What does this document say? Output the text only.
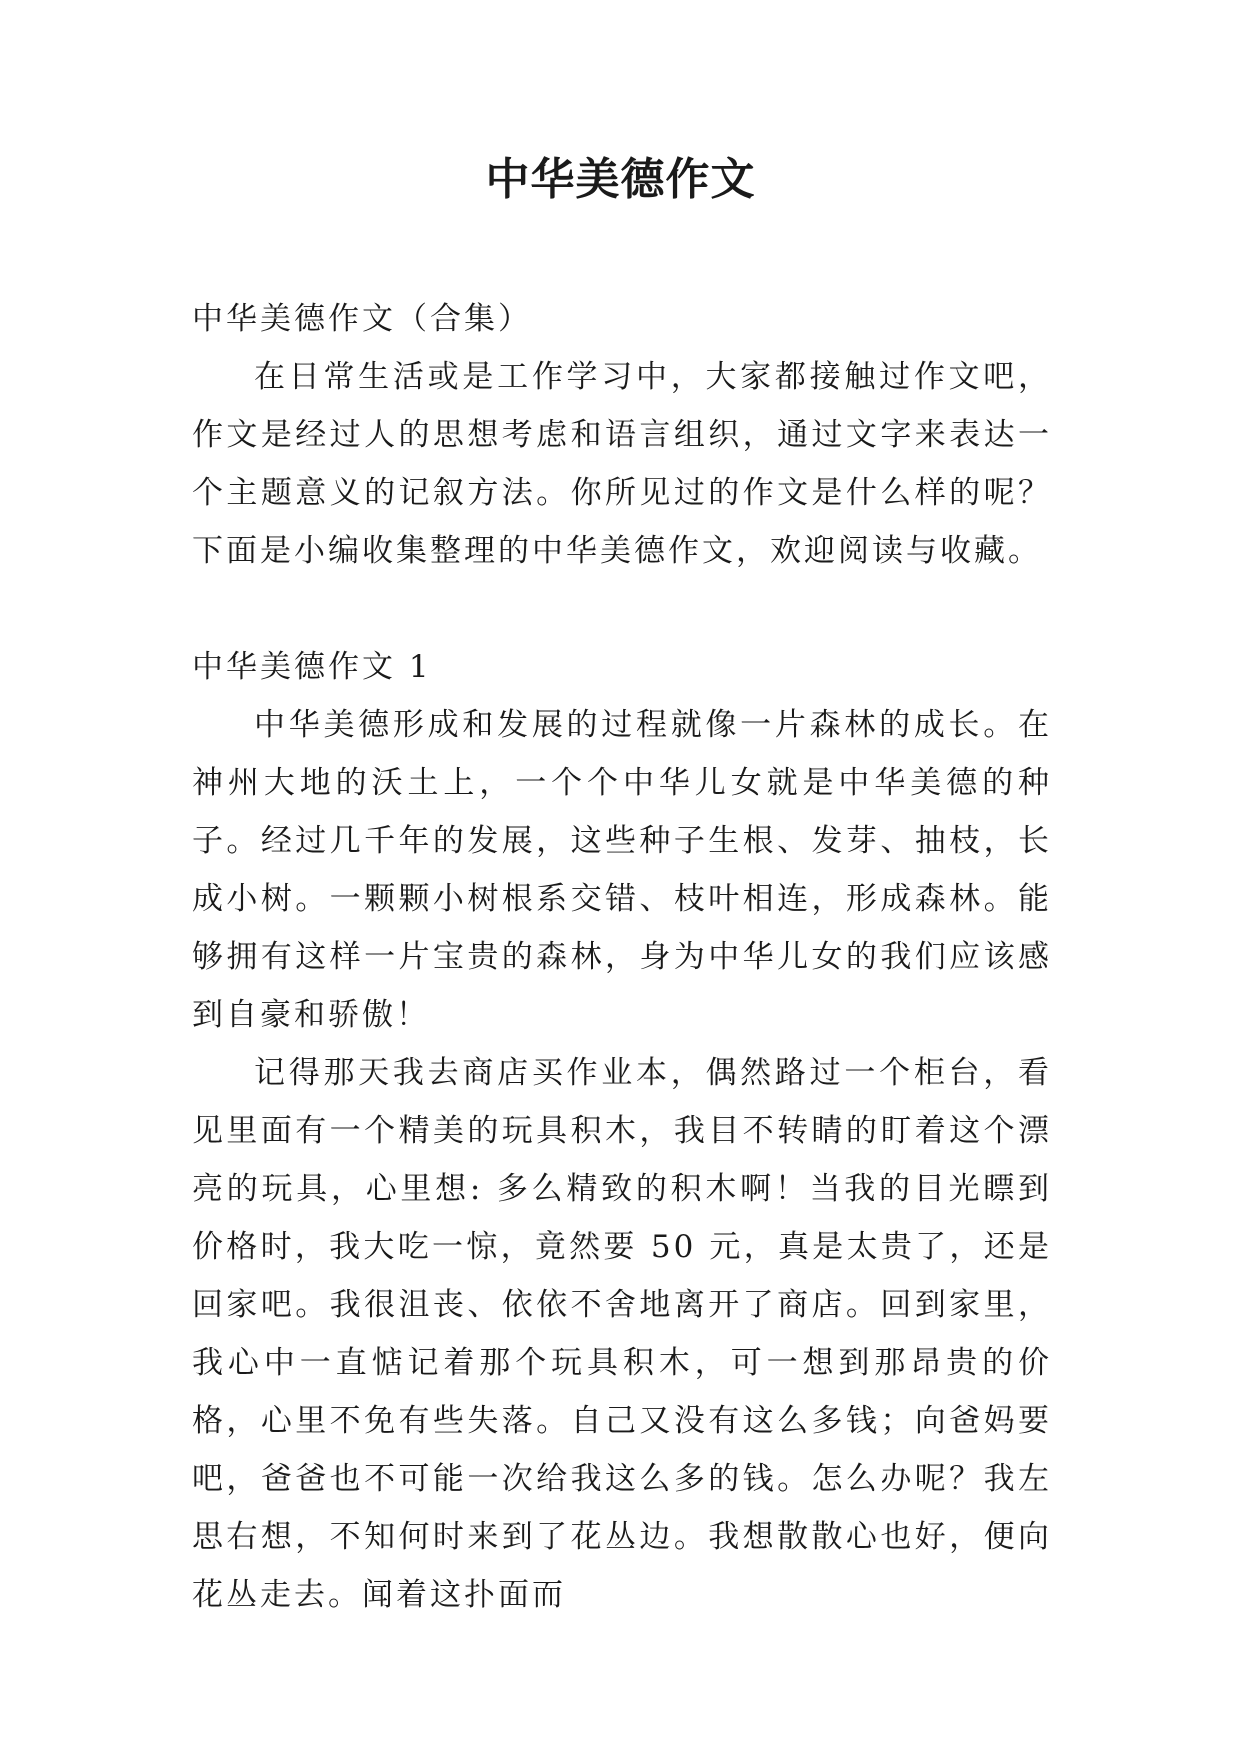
中华美德作文

中华美德作文（合集）

在日常生活或是工作学习中，大家都接触过作文吧，作文是经过人的思想考虑和语言组织，通过文字来表达一个主题意义的记叙方法。你所见过的作文是什么样的呢？下面是小编收集整理的中华美德作文，欢迎阅读与收藏。

中华美德作文 1

中华美德形成和发展的过程就像一片森林的成长。在神州大地的沃土上，一个个中华儿女就是中华美德的种子。经过几千年的发展，这些种子生根、发芽、抽枝，长成小树。一颗颗小树根系交错、枝叶相连，形成森林。能够拥有这样一片宝贵的森林，身为中华儿女的我们应该感到自豪和骄傲！

记得那天我去商店买作业本，偶然路过一个柜台，看见里面有一个精美的玩具积木，我目不转睛的盯着这个漂亮的玩具，心里想: 多么精致的积木啊！当我的目光瞟到价格时，我大吃一惊，竟然要 50 元，真是太贵了，还是回家吧。我很沮丧、依依不舍地离开了商店。回到家里，我心中一直惦记着那个玩具积木，可一想到那昂贵的价格，心里不免有些失落。自己又没有这么多钱；向爸妈要吧，爸爸也不可能一次给我这么多的钱。怎么办呢？我左思右想，不知何时来到了花丛边。我想散散心也好，便向花丛走去。闻着这扑面而
